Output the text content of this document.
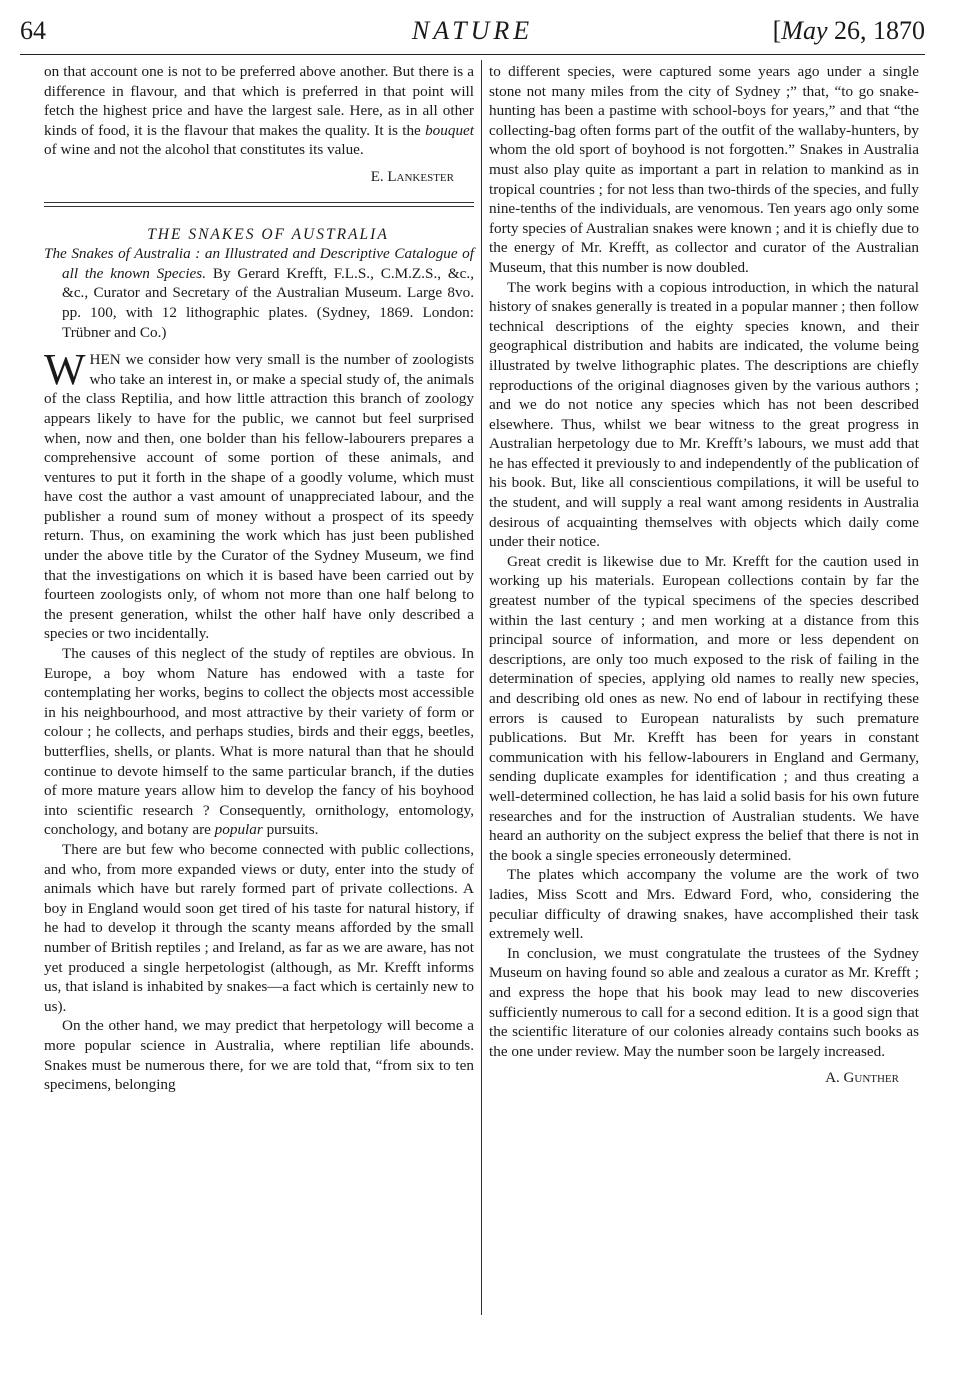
64	NATURE	[May 26, 1870

on that account one is not to be preferred above another. But there is a difference in flavour, and that which is preferred in that point will fetch the highest price and have the largest sale. Here, as in all other kinds of food, it is the flavour that makes the quality. It is the bouquet of wine and not the alcohol that constitutes its value.

E. Lankester

THE SNAKES OF AUSTRALIA

The Snakes of Australia : an Illustrated and Descriptive Catalogue of all the known Species. By Gerard Krefft, F.L.S., C.M.Z.S., &c., &c., Curator and Secretary of the Australian Museum. Large 8vo. pp. 100, with 12 lithographic plates. (Sydney, 1869. London: Trübner and Co.)

WHEN we consider how very small is the number of zoologists who take an interest in, or make a special study of, the animals of the class Reptilia, and how little attraction this branch of zoology appears likely to have for the public, we cannot but feel surprised when, now and then, one bolder than his fellow-labourers prepares a comprehensive account of some portion of these animals, and ventures to put it forth in the shape of a goodly volume, which must have cost the author a vast amount of unappreciated labour, and the publisher a round sum of money without a prospect of its speedy return. Thus, on examining the work which has just been published under the above title by the Curator of the Sydney Museum, we find that the investigations on which it is based have been carried out by fourteen zoologists only, of whom not more than one half belong to the present generation, whilst the other half have only described a species or two incidentally.

The causes of this neglect of the study of reptiles are obvious. In Europe, a boy whom Nature has endowed with a taste for contemplating her works, begins to collect the objects most accessible in his neighbourhood, and most attractive by their variety of form or colour ; he collects, and perhaps studies, birds and their eggs, beetles, butterflies, shells, or plants. What is more natural than that he should continue to devote himself to the same particular branch, if the duties of more mature years allow him to develop the fancy of his boyhood into scientific research ? Consequently, ornithology, entomology, conchology, and botany are popular pursuits.

There are but few who become connected with public collections, and who, from more expanded views or duty, enter into the study of animals which have but rarely formed part of private collections. A boy in England would soon get tired of his taste for natural history, if he had to develop it through the scanty means afforded by the small number of British reptiles ; and Ireland, as far as we are aware, has not yet produced a single herpetologist (although, as Mr. Krefft informs us, that island is inhabited by snakes—a fact which is certainly new to us).

On the other hand, we may predict that herpetology will become a more popular science in Australia, where reptilian life abounds. Snakes must be numerous there, for we are told that, “from six to ten specimens, belonging

to different species, were captured some years ago under a single stone not many miles from the city of Sydney ;” that, “to go snake-hunting has been a pastime with school-boys for years,” and that “the collecting-bag often forms part of the outfit of the wallaby-hunters, by whom the old sport of boyhood is not forgotten.” Snakes in Australia must also play quite as important a part in relation to mankind as in tropical countries ; for not less than two-thirds of the species, and fully nine-tenths of the individuals, are venomous. Ten years ago only some forty species of Australian snakes were known ; and it is chiefly due to the energy of Mr. Krefft, as collector and curator of the Australian Museum, that this number is now doubled.

The work begins with a copious introduction, in which the natural history of snakes generally is treated in a popular manner ; then follow technical descriptions of the eighty species known, and their geographical distribution and habits are indicated, the volume being illustrated by twelve lithographic plates. The descriptions are chiefly reproductions of the original diagnoses given by the various authors ; and we do not notice any species which has not been described elsewhere. Thus, whilst we bear witness to the great progress in Australian herpetology due to Mr. Krefft’s labours, we must add that he has effected it previously to and independently of the publication of his book. But, like all conscientious compilations, it will be useful to the student, and will supply a real want among residents in Australia desirous of acquainting themselves with objects which daily come under their notice.

Great credit is likewise due to Mr. Krefft for the caution used in working up his materials. European collections contain by far the greatest number of the typical specimens of the species described within the last century ; and men working at a distance from this principal source of information, and more or less dependent on descriptions, are only too much exposed to the risk of failing in the determination of species, applying old names to really new species, and describing old ones as new. No end of labour in rectifying these errors is caused to European naturalists by such premature publications. But Mr. Krefft has been for years in constant communication with his fellow-labourers in England and Germany, sending duplicate examples for identification ; and thus creating a well-determined collection, he has laid a solid basis for his own future researches and for the instruction of Australian students. We have heard an authority on the subject express the belief that there is not in the book a single species erroneously determined.

The plates which accompany the volume are the work of two ladies, Miss Scott and Mrs. Edward Ford, who, considering the peculiar difficulty of drawing snakes, have accomplished their task extremely well.

In conclusion, we must congratulate the trustees of the Sydney Museum on having found so able and zealous a curator as Mr. Krefft ; and express the hope that his book may lead to new discoveries sufficiently numerous to call for a second edition. It is a good sign that the scientific literature of our colonies already contains such books as the one under review. May the number soon be largely increased.

A. Gunther
